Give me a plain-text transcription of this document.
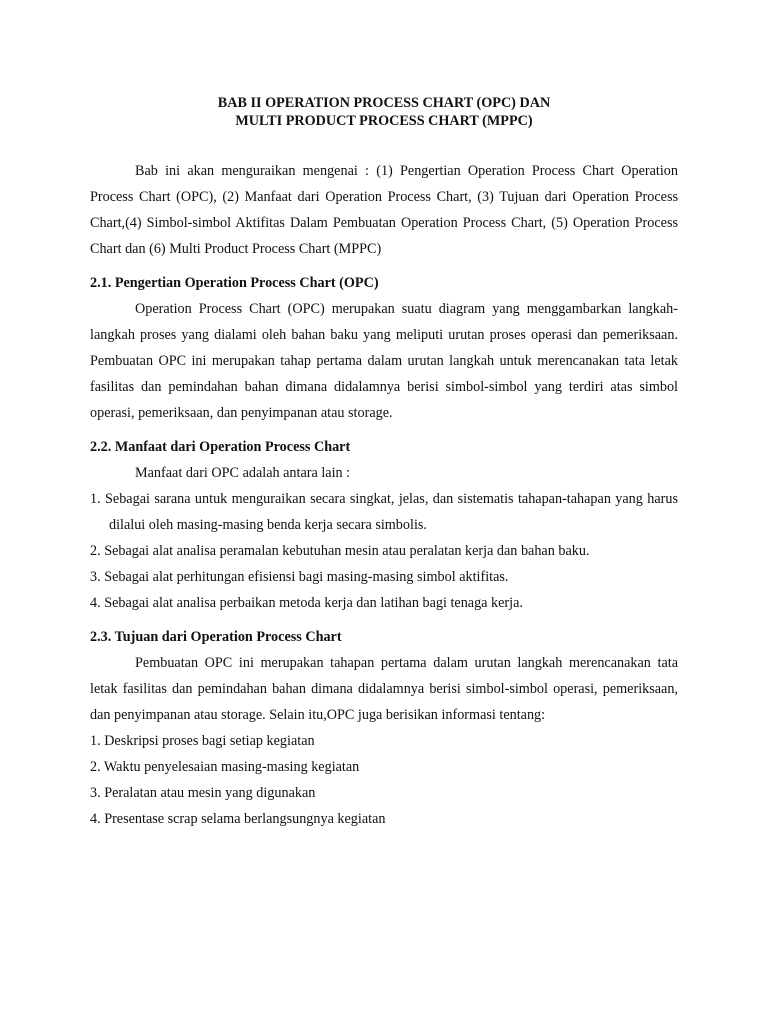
BAB II OPERATION PROCESS CHART (OPC) DAN
MULTI PRODUCT PROCESS CHART (MPPC)

Bab ini akan menguraikan mengenai : (1) Pengertian Operation Process Chart Operation Process Chart (OPC), (2) Manfaat dari Operation Process Chart, (3) Tujuan dari Operation Process Chart,(4) Simbol-simbol Aktifitas Dalam Pembuatan Operation Process Chart, (5) Operation Process Chart dan (6) Multi Product Process Chart (MPPC)

2.1. Pengertian Operation Process Chart (OPC)

Operation Process Chart (OPC) merupakan suatu diagram yang menggambarkan langkah-langkah proses yang dialami oleh bahan baku yang meliputi urutan proses operasi dan pemeriksaan. Pembuatan OPC ini merupakan tahap pertama dalam urutan langkah untuk merencanakan tata letak fasilitas dan pemindahan bahan dimana didalamnya berisi simbol-simbol yang terdiri atas simbol operasi, pemeriksaan, dan penyimpanan atau storage.

2.2. Manfaat dari Operation Process Chart

Manfaat dari OPC adalah antara lain :

1. Sebagai sarana untuk menguraikan secara singkat, jelas, dan sistematis tahapan-tahapan yang harus dilalui oleh masing-masing benda kerja secara simbolis.
2. Sebagai alat analisa peramalan kebutuhan mesin atau peralatan kerja dan bahan baku.
3. Sebagai alat perhitungan efisiensi bagi masing-masing simbol aktifitas.
4. Sebagai alat analisa perbaikan metoda kerja dan latihan bagi tenaga kerja.
2.3. Tujuan dari Operation Process Chart

Pembuatan OPC ini merupakan tahapan pertama dalam urutan langkah merencanakan tata letak fasilitas dan pemindahan bahan dimana didalamnya berisi simbol-simbol operasi, pemeriksaan, dan penyimpanan atau storage. Selain itu,OPC juga berisikan informasi tentang:

1. Deskripsi proses bagi setiap kegiatan
2. Waktu penyelesaian masing-masing kegiatan
3. Peralatan atau mesin yang digunakan
4. Presentase scrap selama berlangsungnya kegiatan
